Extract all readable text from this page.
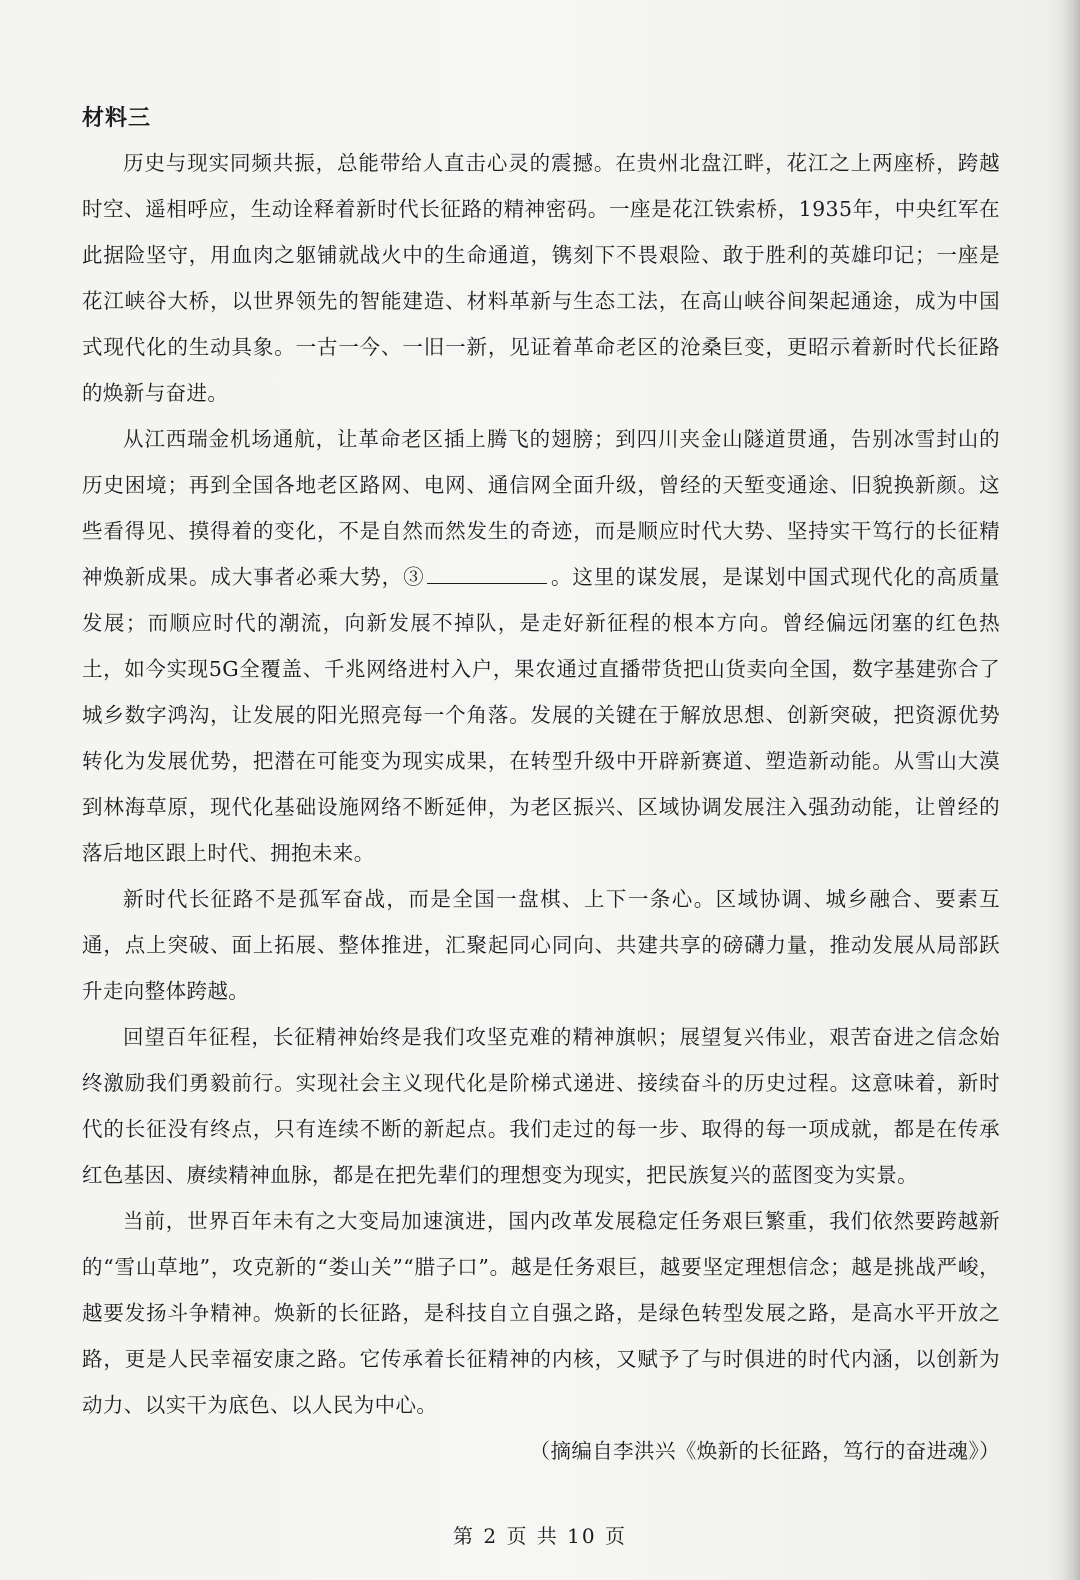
材料三

历史与现实同频共振，总能带给人直击心灵的震撼。在贵州北盘江畔，花江之上两座桥，跨越时空、遥相呼应，生动诠释着新时代长征路的精神密码。一座是花江铁索桥，1935年，中央红军在此据险坚守，用血肉之躯铺就战火中的生命通道，镌刻下不畏艰险、敢于胜利的英雄印记；一座是花江峡谷大桥，以世界领先的智能建造、材料革新与生态工法，在高山峡谷间架起通途，成为中国式现代化的生动具象。一古一今、一旧一新，见证着革命老区的沧桑巨变，更昭示着新时代长征路的焕新与奋进。

从江西瑞金机场通航，让革命老区插上腾飞的翅膀；到四川夹金山隧道贯通，告别冰雪封山的历史困境；再到全国各地老区路网、电网、通信网全面升级，曾经的天堑变通途、旧貌换新颜。这些看得见、摸得着的变化，不是自然而然发生的奇迹，而是顺应时代大势、坚持实干笃行的长征精神焕新成果。成大事者必乘大势，③	。这里的谋发展，是谋划中国式现代化的高质量发展；而顺应时代的潮流，向新发展不掉队，是走好新征程的根本方向。曾经偏远闭塞的红色热土，如今实现5G全覆盖、千兆网络进村入户，果农通过直播带货把山货卖向全国，数字基建弥合了城乡数字鸿沟，让发展的阳光照亮每一个角落。发展的关键在于解放思想、创新突破，把资源优势转化为发展优势，把潜在可能变为现实成果，在转型升级中开辟新赛道、塑造新动能。从雪山大漠到林海草原，现代化基础设施网络不断延伸，为老区振兴、区域协调发展注入强劲动能，让曾经的落后地区跟上时代、拥抱未来。

新时代长征路不是孤军奋战，而是全国一盘棋、上下一条心。区域协调、城乡融合、要素互通，点上突破、面上拓展、整体推进，汇聚起同心同向、共建共享的磅礴力量，推动发展从局部跃升走向整体跨越。

回望百年征程，长征精神始终是我们攻坚克难的精神旗帜；展望复兴伟业，艰苦奋进之信念始终激励我们勇毅前行。实现社会主义现代化是阶梯式递进、接续奋斗的历史过程。这意味着，新时代的长征没有终点，只有连续不断的新起点。我们走过的每一步、取得的每一项成就，都是在传承红色基因、赓续精神血脉，都是在把先辈们的理想变为现实，把民族复兴的蓝图变为实景。

当前，世界百年未有之大变局加速演进，国内改革发展稳定任务艰巨繁重，我们依然要跨越新的“雪山草地”，攻克新的“娄山关”“腊子口”。越是任务艰巨，越要坚定理想信念；越是挑战严峻，越要发扬斗争精神。焕新的长征路，是科技自立自强之路，是绿色转型发展之路，是高水平开放之路，更是人民幸福安康之路。它传承着长征精神的内核，又赋予了与时俱进的时代内涵，以创新为动力、以实干为底色、以人民为中心。

（摘编自李洪兴《焕新的长征路，笃行的奋进魂》）

第 2 页 共 10 页
